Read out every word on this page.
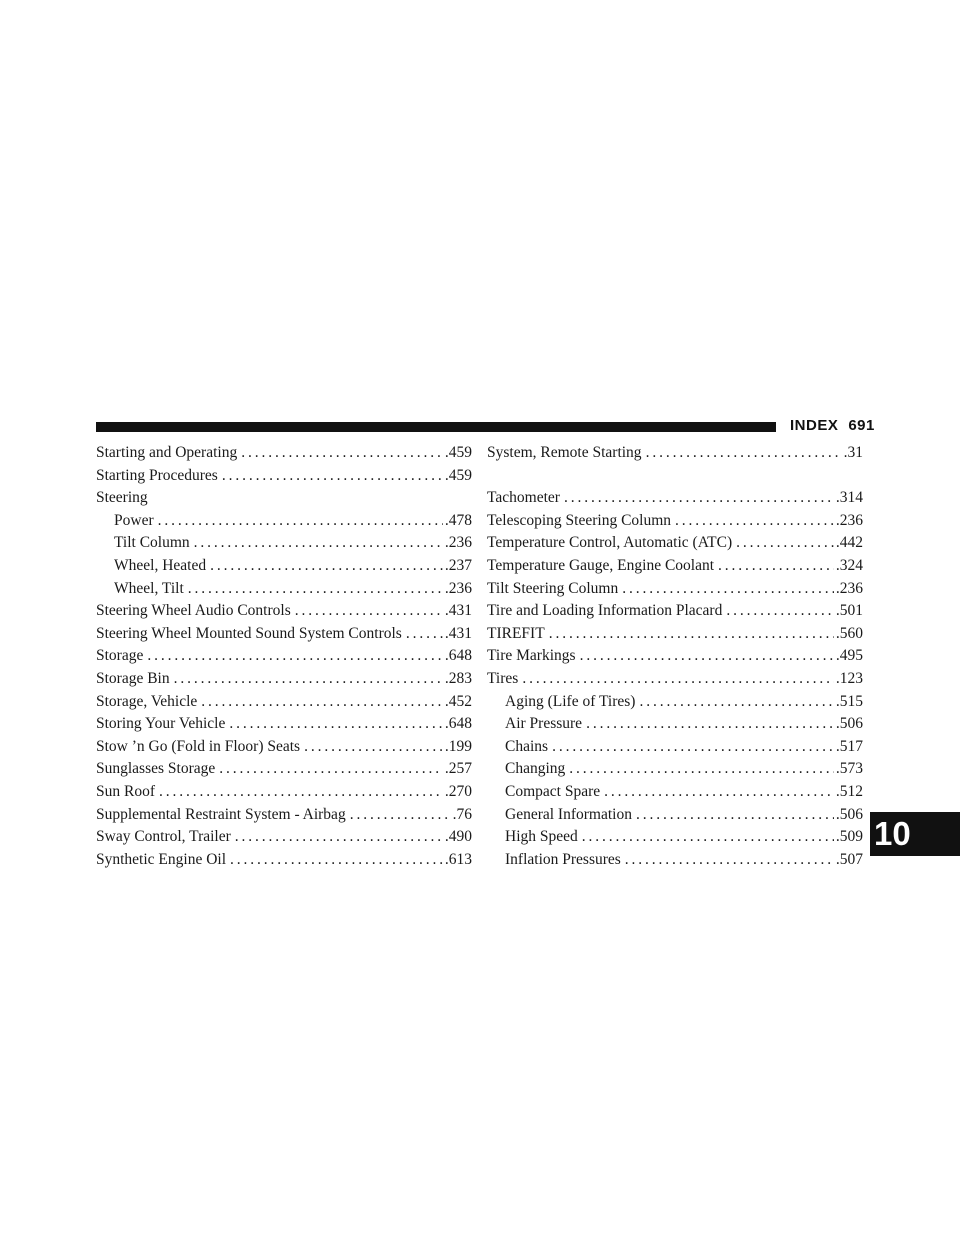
INDEX 691
Starting and Operating . . .	.459
Starting Procedures . . .	.459
Steering
Power . . .	.478
Tilt Column . . .	.236
Wheel, Heated . . .	.237
Wheel, Tilt . . .	.236
Steering Wheel Audio Controls . . .	.431
Steering Wheel Mounted Sound System Controls . . .	.431
Storage . . .	.648
Storage Bin . . .	.283
Storage, Vehicle . . .	.452
Storing Your Vehicle . . .	.648
Stow ’n Go (Fold in Floor) Seats . . .	.199
Sunglasses Storage . . .	.257
Sun Roof . . .	.270
Supplemental Restraint System - Airbag . . .	.76
Sway Control, Trailer . . .	.490
Synthetic Engine Oil . . .	.613
System, Remote Starting . . .	.31
Tachometer . . .	.314
Telescoping Steering Column . . .	.236
Temperature Control, Automatic (ATC) . . .	.442
Temperature Gauge, Engine Coolant . . .	.324
Tilt Steering Column . . .	.236
Tire and Loading Information Placard . . .	.501
TIREFIT . . .	.560
Tire Markings . . .	.495
Tires . . .	.123
Aging (Life of Tires) . . .	.515
Air Pressure . . .	.506
Chains . . .	.517
Changing . . .	.573
Compact Spare . . .	.512
General Information . . .	.506
High Speed . . .	.509
Inflation Pressures . . .	.507
10
